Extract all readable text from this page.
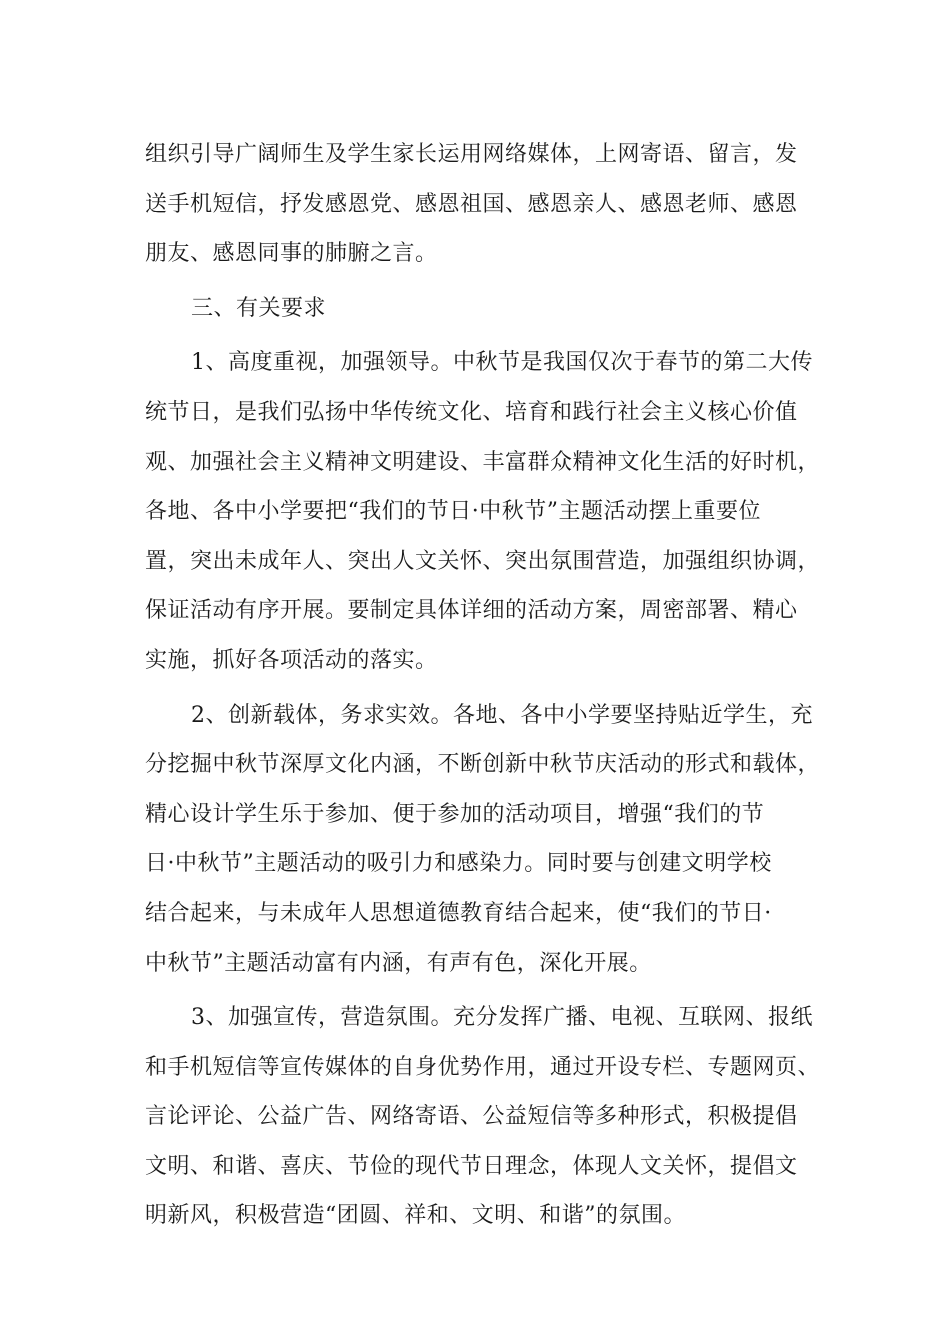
组织引导广阔师生及学生家长运用网络媒体，上网寄语、留言，发
送手机短信，抒发感恩党、感恩祖国、感恩亲人、感恩老师、感恩
朋友、感恩同事的肺腑之言。
三、有关要求
1、高度重视，加强领导。中秋节是我国仅次于春节的第二大传
统节日，是我们弘扬中华传统文化、培育和践行社会主义核心价值
观、加强社会主义精神文明建设、丰富群众精神文化生活的好时机，
各地、各中小学要把“我们的节日·中秋节”主题活动摆上重要位
置，突出未成年人、突出人文关怀、突出氛围营造，加强组织协调，
保证活动有序开展。要制定具体详细的活动方案，周密部署、精心
实施，抓好各项活动的落实。
2、创新载体，务求实效。各地、各中小学要坚持贴近学生，充
分挖掘中秋节深厚文化内涵，不断创新中秋节庆活动的形式和载体，
精心设计学生乐于参加、便于参加的活动项目，增强“我们的节
日·中秋节”主题活动的吸引力和感染力。同时要与创建文明学校
结合起来，与未成年人思想道德教育结合起来，使“我们的节日·
中秋节”主题活动富有内涵，有声有色，深化开展。
3、加强宣传，营造氛围。充分发挥广播、电视、互联网、报纸
和手机短信等宣传媒体的自身优势作用，通过开设专栏、专题网页、
言论评论、公益广告、网络寄语、公益短信等多种形式，积极提倡
文明、和谐、喜庆、节俭的现代节日理念，体现人文关怀，提倡文
明新风，积极营造“团圆、祥和、文明、和谐”的氛围。
